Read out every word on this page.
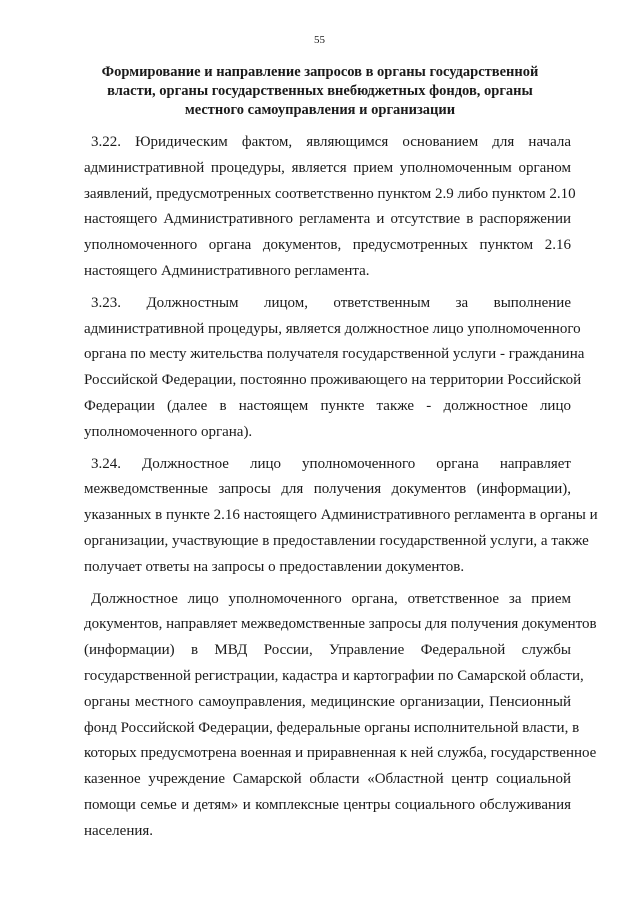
55
Формирование и направление запросов в органы государственной
власти, органы государственных внебюджетных фондов, органы
местного самоуправления и организации
3.22. Юридическим фактом, являющимся основанием для начала
административной процедуры, является прием уполномоченным органом
заявлений, предусмотренных соответственно пунктом 2.9 либо пунктом 2.10
настоящего Административного регламента и отсутствие в распоряжении
уполномоченного органа документов, предусмотренных пунктом 2.16
настоящего Административного регламента.
3.23. Должностным лицом, ответственным за выполнение
административной процедуры, является должностное лицо уполномоченного
органа по месту жительства получателя государственной услуги - гражданина
Российской Федерации, постоянно проживающего на территории Российской
Федерации (далее в настоящем пункте также - должностное лицо
уполномоченного органа).
3.24. Должностное лицо уполномоченного органа направляет
межведомственные запросы для получения документов (информации),
указанных в пункте 2.16 настоящего Административного регламента в органы и
организации, участвующие в предоставлении государственной услуги, а также
получает ответы на запросы о предоставлении документов.
Должностное лицо уполномоченного органа, ответственное за прием
документов, направляет межведомственные запросы для получения документов
(информации) в МВД России, Управление Федеральной службы
государственной регистрации, кадастра и картографии по Самарской области,
органы местного самоуправления, медицинские организации, Пенсионный
фонд Российской Федерации, федеральные органы исполнительной власти, в
которых предусмотрена военная и приравненная к ней служба, государственное
казенное учреждение Самарской области «Областной центр социальной
помощи семье и детям» и комплексные центры социального обслуживания
населения.
